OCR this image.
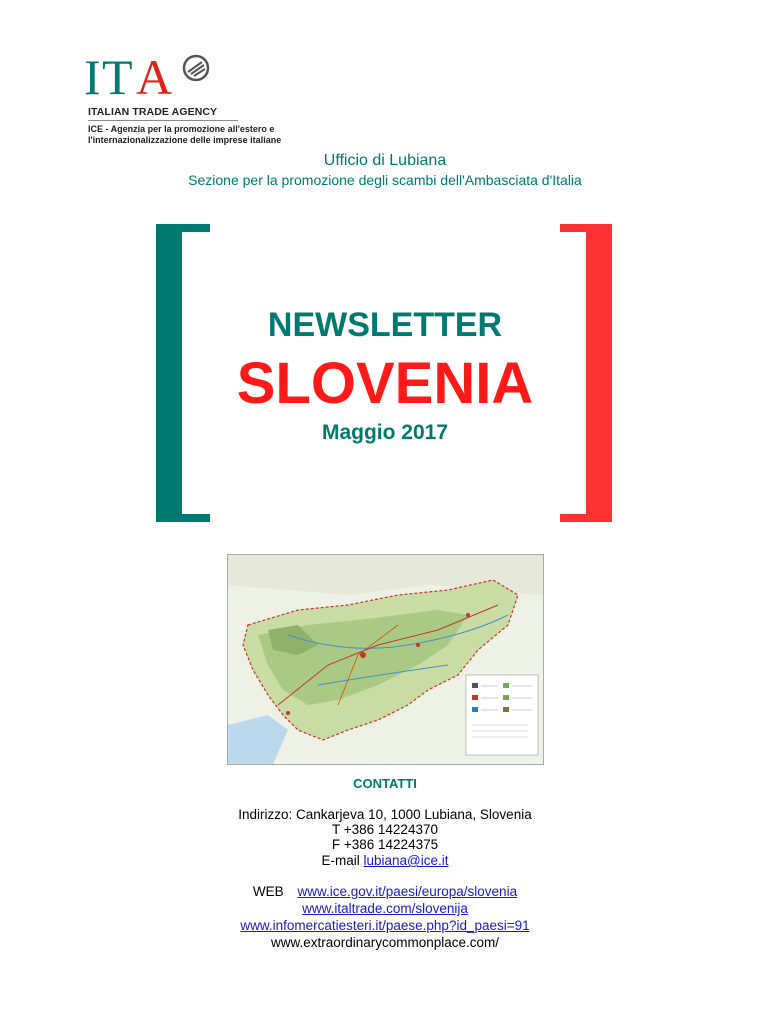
I T A
ITALIAN TRADE AGENCY
ICE - Agenzia per la promozione all'estero e
l'internazionalizzazione delle imprese italiane
Ufficio di Lubiana
Sezione per la promozione degli scambi dell'Ambasciata d'Italia
NEWSLETTER
SLOVENIA
Maggio 2017
CONTATTI
Indirizzo: Cankarjeva 10, 1000 Lubiana, Slovenia
T +386 14224370
F +386 14224375
E-mail lubiana@ice.it
WEB www.ice.gov.it/paesi/europa/slovenia
www.italtrade.com/slovenija
www.infomercatiesteri.it/paese.php?id_paesi=91
www.extraordinarycommonplace.com/
